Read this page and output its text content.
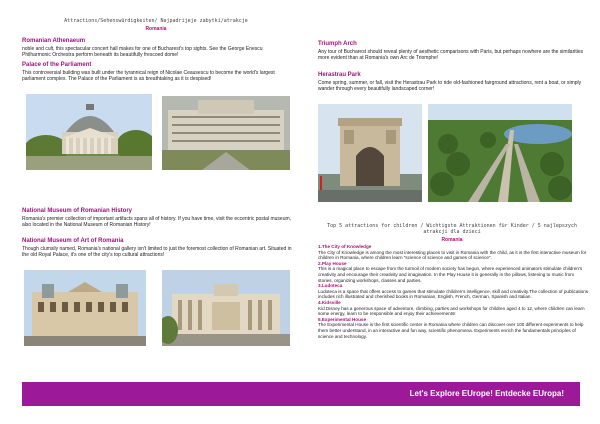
Attractions/Sehenswürdigkeiten/ Najpadrijeje zabytki/atrakcje
Romania
Romanian Athenaeum
noble and cult, this spectacular concert hall makes for one of Bucharest's top sights. See the George Enescu Philharmonic Orchestra perform beneath its beautifully frescoed dome!
Palace of the Parliament
This controversial building was built under the tyrannical reign of Nicolae Ceausescu to become the world's largest parliament complex. The Palace of the Parliament is as breathtaking as it is despised!
National Museum of Romanian History
Romania's premier collection of important artifacts spans all of history. If you have time, visit the eccentric postal museum, also located in the National Museum of Romanian History!
National Museum of Art of Romania
Though clumsily named, Romania's national gallery isn't limited to just the foremost collection of Romanian art. Situated in the old Royal Palace, it's one of the city's top cultural attractions!
Triumph Arch
Any tour of Bucharest should reveal plenty of aesthetic comparisons with Paris, but perhaps nowhere are the similarities more evident than at Romania's own Arc de Triomphe!
Herastrau Park
Come spring, summer, or fall, visit the Herastrau Park to ride old-fashioned fairground attractions, rent a boat, or simply wander through every beautifully landscaped corner!
Top 5 attractions for children / Wichtigste Attraktionen für Kinder / 5 najlepszych atrakcji dla dzieci
Romania
1.The City of Knowledge
The City of Knowledge is among the most interesting places to visit in Romania with the child, as it is the first interactive museum for children in Romania, where children learn "science of science and games of science".
2.Play House
This is a magical place to escape from the turmoil of modern society has begun, where experienced animators stimulate children's creativity and encourage their creativity and imagination. In the Play House it is generally in the pillows, listening to music from stories, organizing workshops, classes and parties.
3.Ludoteca
Ludoteca is a space that offers access to games that stimulate children's intelligence, skill and creativity.The collection of publications includes rich illustrated and cherished books in Romanian, English, French, German, Spanish and Italian.
4.Kidsville
Kid Disney has a generous space of adventure, climbing, parties and workshops for children aged 4 to 12, where children can learn some energy, learn to be responsible and enjoy their achievements!
5.Experimental House
The Experimental House is the first scientific center in Romania where children can discover over 100 different experiments to help them better understand, in an interactive and fun way, scientific phenomena. Experiments enrich the fundamentals principles of science and technology.
Let's Explore EUrope! Entdecke EUropa!
